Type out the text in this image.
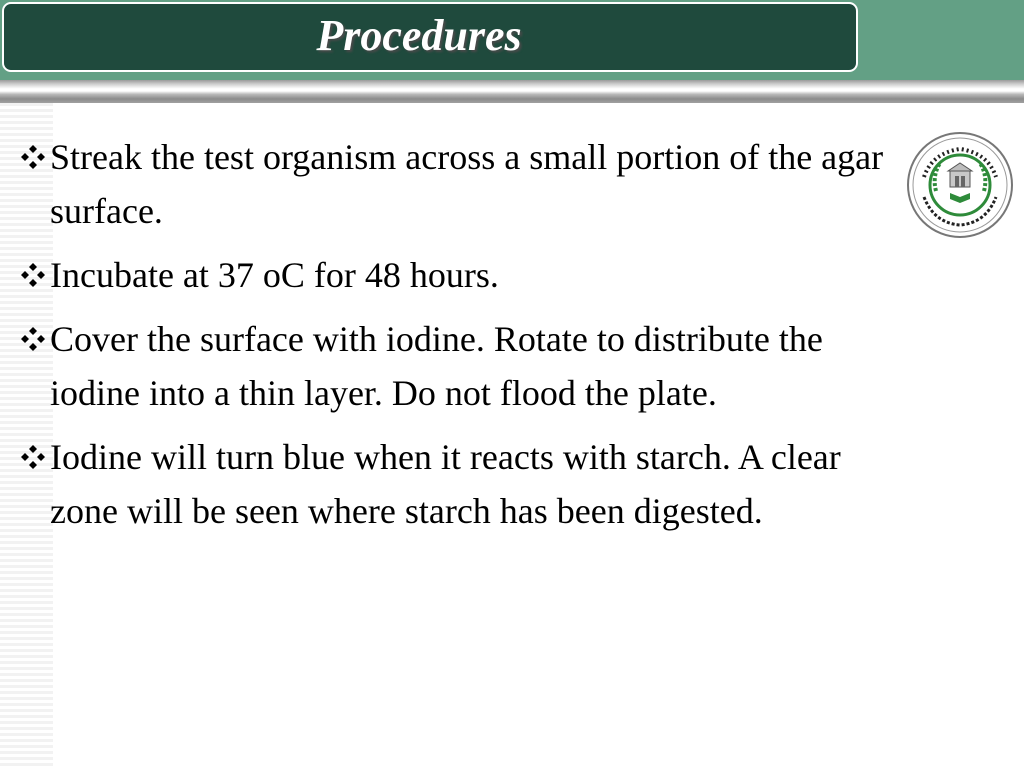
Procedures
Streak the test organism across a small portion of the agar surface.
Incubate at 37 oC for 48 hours.
Cover the surface with iodine. Rotate to distribute the iodine into a thin layer. Do not flood the plate.
Iodine will turn blue when it reacts with starch. A clear zone will be seen where starch has been digested.
